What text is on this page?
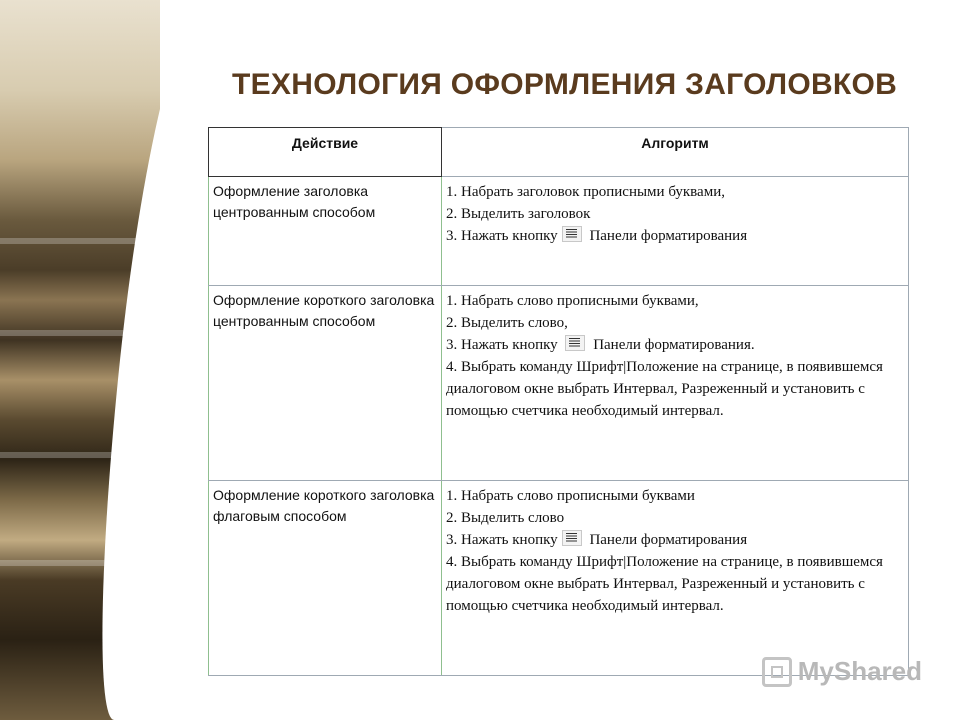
ТЕХНОЛОГИЯ ОФОРМЛЕНИЯ ЗАГОЛОВКОВ
Действие	Алгоритм
Оформление заголовка центрованным способом	1. Набрать заголовок прописными буквами,
2. Выделить заголовок
3. Нажать кнопку Панели форматирования

Оформление короткого заголовка центрованным способом	1. Набрать слово прописными буквами,
2. Выделить слово,
3. Нажать кнопку Панели форматирования.
4. Выбрать команду Шрифт|Положение на странице, в появившемся диалоговом окне выбрать Интервал, Разреженный и установить с помощью счетчика необходимый интервал.

Оформление короткого заголовка флаговым способом	1. Набрать слово прописными буквами
2. Выделить слово
3. Нажать кнопку Панели форматирования
4. Выбрать команду Шрифт|Положение на странице, в появившемся диалоговом окне выбрать Интервал, Разреженный и установить с помощью счетчика необходимый интервал.
MyShared
